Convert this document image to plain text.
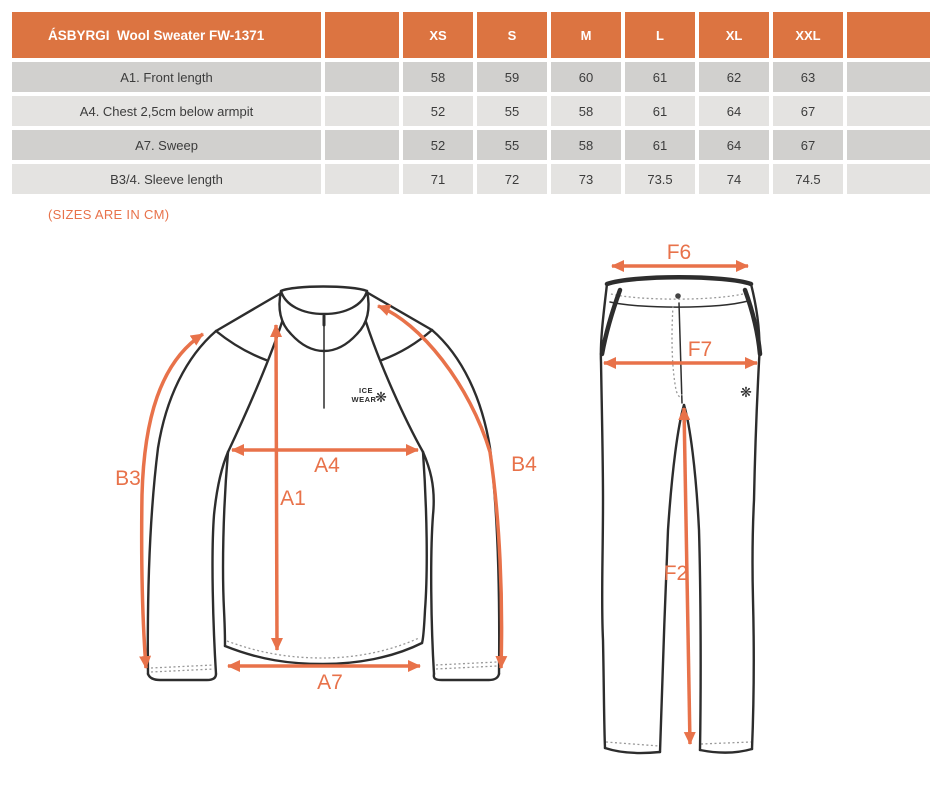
ÁSBYRGI  Wool Sweater FW-1371		XS	S	M	L	XL	XXL	
A1. Front length		58	59	60	61	62	63	
A4. Chest 2,5cm below armpit		52	55	58	61	64	67	
A7. Sweep		52	55	58	61	64	67	
B3/4. Sleeve length		71	72	73	73.5	74	74.5	
(SIZES ARE IN CM)
ICE
WEAR
❋
B3
B4
A4
A1
A7
❋
F6
F7
F2
